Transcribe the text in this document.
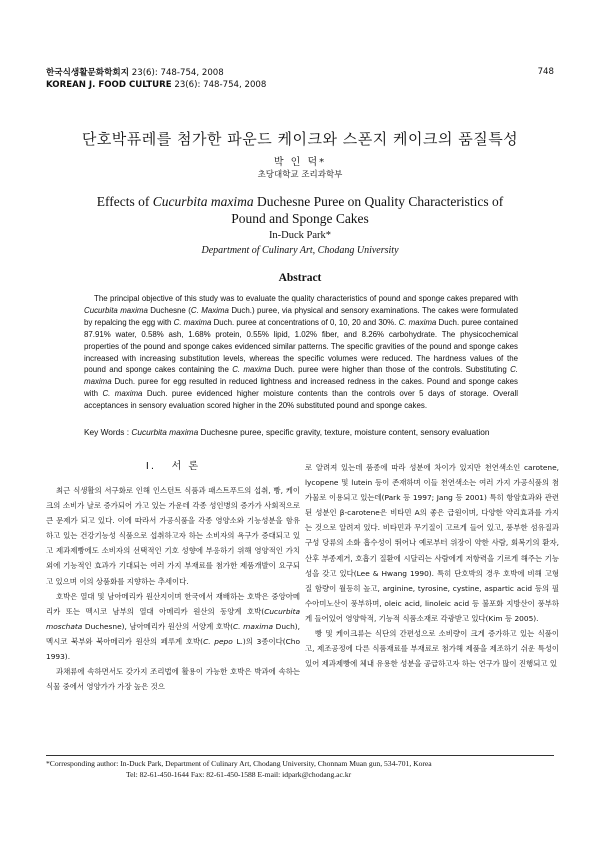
한국식생활문화학회지 23(6): 748-754, 2008
KOREAN J. FOOD CULTURE 23(6): 748-754, 2008
748
단호박퓨레를 첨가한 파운드 케이크와 스폰지 케이크의 품질특성
박 인 덕*
초당대학교 조리과학부
Effects of Cucurbita maxima Duchesne Puree on Quality Characteristics of
Pound and Sponge Cakes
In-Duck Park*
Department of Culinary Art, Chodang University
Abstract

The principal objective of this study was to evaluate the quality characteristics of pound and sponge cakes prepared with Cucurbita maxima Duchesne (C. Maxima Duch.) puree, via physical and sensory examinations. The cakes were formulated by repalcing the egg with C. maxima Duch. puree at concentrations of 0, 10, 20 and 30%. C. maxima Duch. puree contained 87.91% water, 0.58% ash, 1.68% protein, 0.55% lipid, 1.02% fiber, and 8.26% carbohydrate. The physicochemical properties of the pound and sponge cakes evidenced similar patterns. The specific gravities of the pound and sponge cakes increased with increasing substitution levels, whereas the specific volumes were reduced. The hardness values of the pound and sponge cakes containing the C. maxima Duch. puree were higher than those of the controls. Substituting C. maxima Duch. puree for egg resulted in reduced lightness and increased redness in the cakes. Pound and sponge cakes with C. maxima Duch. puree evidenced higher moisture contents than the controls over 5 days of storage. Overall acceptances in sensory evaluation scored higher in the 20% substituted pound and sponge cakes.

Key Words : Cucurbita maxima Duchesne puree, specific gravity, texture, moisture content, sensory evaluation

I. 서 론

최근 식생활의 서구화로 인해 인스턴트 식품과 패스트푸드의 섭취, 빵, 케이크의 소비가 날로 증가되어 가고 있는 가운데 각종 성인병의 증가가 사회적으로 큰 문제가 되고 있다. 이에 따라서 가공식품을 각종 영양소와 기능성분을 함유하고 있는 건강기능성 식품으로 섭취하고자 하는 소비자의 욕구가 증대되고 있고 제과제빵에도 소비자의 선택적인 기호 성향에 부응하기 위해 영양적인 가치 외에 기능적인 효과가 기대되는 여러 가지 부재료를 첨가한 제품개발이 요구되고 있으며 이의 상품화를 지향하는 추세이다.

호박은 열대 및 남아메리카 원산지이며 한국에서 재배하는 호박은 중앙아메리카 또는 멕시코 남부의 열대 아메리카 원산의 동양계 호박(Cucurbita moschata Duchesne), 남아메리카 원산의 서양계 호박(C. maxima Duch), 멕시코 북부와 북아메리카 원산의 페루계 호박(C. pepo L.)의 3종이다(Cho 1993).

과채류에 속하면서도 갖가지 조리법에 활용이 가능한 호박은 박과에 속하는 식물 중에서 영양가가 가장 높은 것으

로 알려져 있는데 품종에 따라 성분에 차이가 있지만 천연색소인 carotene, lycopene 및 lutein 등이 존재하며 이들 천연색소는 여러 가지 가공식품의 첨가물로 이용되고 있는데(Park 등 1997; Jang 등 2001) 특히 항암효과와 관련된 성분인 β-carotene은 비타민 A의 좋은 급원이며, 다양한 약리효과를 가지는 것으로 알려져 있다. 비타민과 무기질이 고르게 들어 있고, 풍부한 섬유질과 구성 당류의 소화 흡수성이 뛰어나 예로부터 위장이 약한 사람, 회복기의 환자, 산후 부종제거, 호흡기 질환에 시달리는 사람에게 저항력을 기르게 해주는 기능성을 갖고 있다(Lee & Hwang 1990). 특히 단호박의 경우 호박에 비해 고형질 함량이 월등히 높고, arginine, tyrosine, cystine, aspartic acid 등의 필수아미노산이 풍부하며, oleic acid, linoleic acid 등 불포화 지방산이 풍부하게 들어있어 영양학적, 기능적 식품소재로 각광받고 있다(Kim 등 2005).

빵 및 케이크류는 식단의 간편성으로 소비량이 크게 증가하고 있는 식품이고, 제조공정에 다른 식품재료를 부재료로 첨가해 제품을 제조하기 쉬운 특성이 있어 제과제빵에 체내 유용한 성분을 공급하고자 하는 연구가 많이 진행되고 있

*Corresponding author: In-Duck Park, Department of Culinary Art, Chodang University, Chonnam Muan gun, 534-701, Korea
Tel: 82-61-450-1644 Fax: 82-61-450-1588 E-mail: idpark@chodang.ac.kr
